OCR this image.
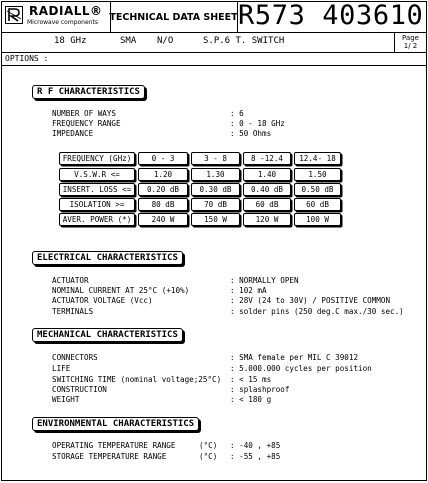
RADIALL®
Microwave components TECHNICAL DATA SHEET R573 403610
18 GHz	SMA N/O	S.P.6 T. SWITCH	Page
1/ 2
OPTIONS :
R F CHARACTERISTICS
NUMBER OF WAYS	: 6
FREQUENCY RANGE	: 0 - 18 GHz
IMPEDANCE	: 50 Ohms
FREQUENCY (GHz)	0 - 3	3 - 8	8 -12.4	12.4- 18
V.S.W.R <=	1.20	1.30	1.40	1.50
INSERT. LOSS <=	0.20 dB	0.30 dB	0.40 dB	0.50 dB
ISOLATION >=	80 dB	70 dB	60 dB	60 dB
AVER. POWER (*)	240 W	150 W	120 W	100 W
ELECTRICAL CHARACTERISTICS
ACTUATOR	: NORMALLY OPEN
NOMINAL CURRENT AT 25°C (+10%)	: 102 mA
ACTUATOR VOLTAGE (Vcc)	: 28V (24 to 30V) / POSITIVE COMMON
TERMINALS	: solder pins (250 deg.C max./30 sec.)
MECHANICAL CHARACTERISTICS
CONNECTORS	: SMA female per MIL C 39012
LIFE	: 5.000.000 cycles per position
SWITCHING TIME (nominal voltage;25°C) : < 15 ms
CONSTRUCTION	: splashproof
WEIGHT	: < 180 g
ENVIRONMENTAL CHARACTERISTICS
OPERATING TEMPERATURE RANGE	(°C) : -40 , +85
STORAGE TEMPERATURE RANGE	(°C) : -55 , +85
